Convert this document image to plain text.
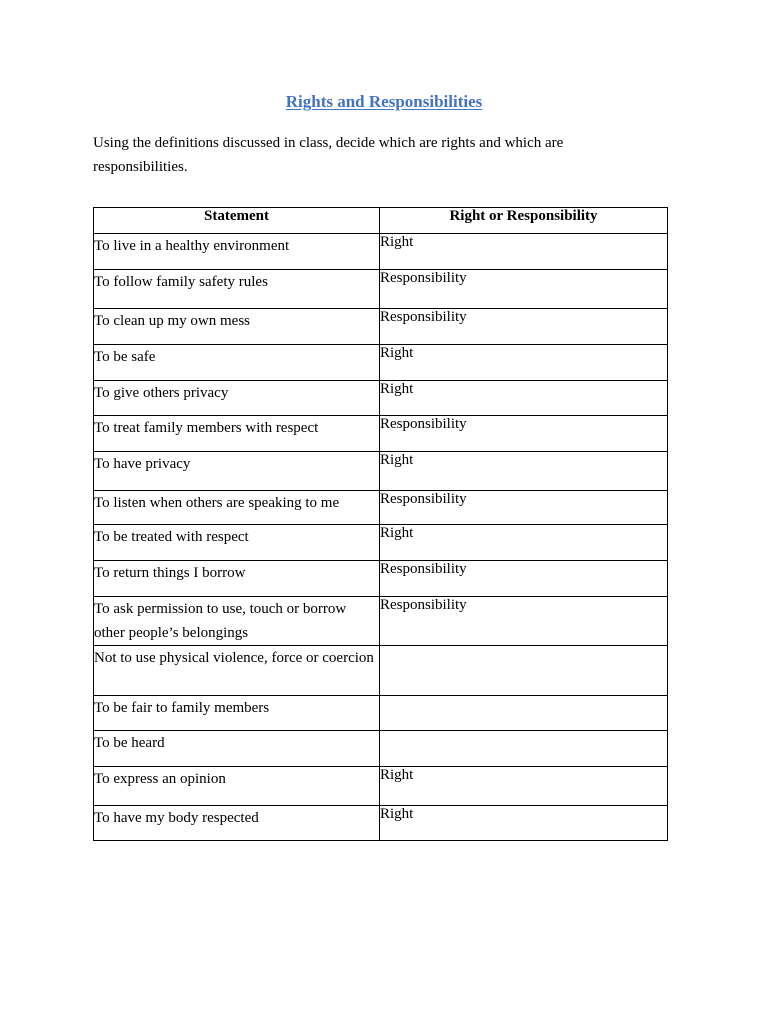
Rights and Responsibilities
Using the definitions discussed in class, decide which are rights and which are responsibilities.
Statement	Right or Responsibility
To live in a healthy environment	Right
To follow family safety rules	Responsibility
To clean up my own mess	Responsibility
To be safe	Right
To give others privacy	Right
To treat family members with respect	Responsibility
To have privacy	Right
To listen when others are speaking to me	Responsibility
To be treated with respect	Right
To return things I borrow	Responsibility
To ask permission to use, touch or borrow other people’s belongings	Responsibility
Not to use physical violence, force or coercion	
To be fair to family members	
To be heard	
To express an opinion	Right
To have my body respected	Right
